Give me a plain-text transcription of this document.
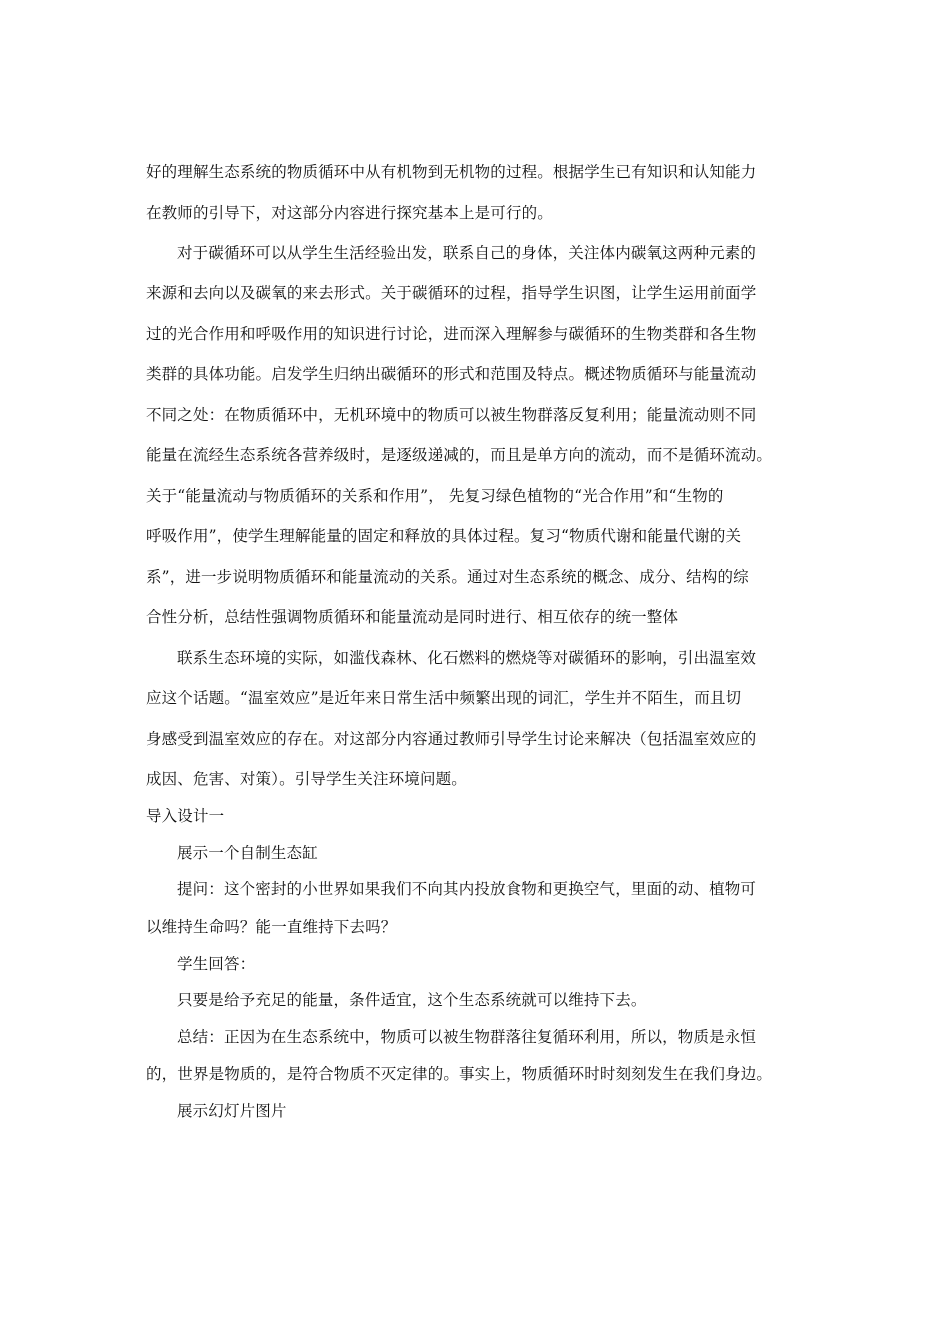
好的理解生态系统的物质循环中从有机物到无机物的过程。根据学生已有知识和认知能力
在教师的引导下，对这部分内容进行探究基本上是可行的。
对于碳循环可以从学生生活经验出发，联系自己的身体，关注体内碳氧这两种元素的
来源和去向以及碳氧的来去形式。关于碳循环的过程，指导学生识图，让学生运用前面学
过的光合作用和呼吸作用的知识进行讨论，进而深入理解参与碳循环的生物类群和各生物
类群的具体功能。启发学生归纳出碳循环的形式和范围及特点。概述物质循环与能量流动
不同之处：在物质循环中，无机环境中的物质可以被生物群落反复利用；能量流动则不同
能量在流经生态系统各营养级时，是逐级递减的，而且是单方向的流动，而不是循环流动。
关于“能量流动与物质循环的关系和作用”， 先复习绿色植物的“光合作用”和“生物的
呼吸作用”，使学生理解能量的固定和释放的具体过程。复习“物质代谢和能量代谢的关
系”，进一步说明物质循环和能量流动的关系。通过对生态系统的概念、成分、结构的综
合性分析，总结性强调物质循环和能量流动是同时进行、相互依存的统一整体
联系生态环境的实际，如滥伐森林、化石燃料的燃烧等对碳循环的影响，引出温室效
应这个话题。“温室效应”是近年来日常生活中频繁出现的词汇，学生并不陌生，而且切
身感受到温室效应的存在。对这部分内容通过教师引导学生讨论来解决（包括温室效应的
成因、危害、对策）。引导学生关注环境问题。
导入设计一
展示一个自制生态缸
提问：这个密封的小世界如果我们不向其内投放食物和更换空气，里面的动、植物可
以维持生命吗？能一直维持下去吗？
学生回答：
只要是给予充足的能量，条件适宜，这个生态系统就可以维持下去。
总结：正因为在生态系统中，物质可以被生物群落往复循环利用，所以，物质是永恒
的，世界是物质的，是符合物质不灭定律的。事实上，物质循环时时刻刻发生在我们身边。
展示幻灯片图片
